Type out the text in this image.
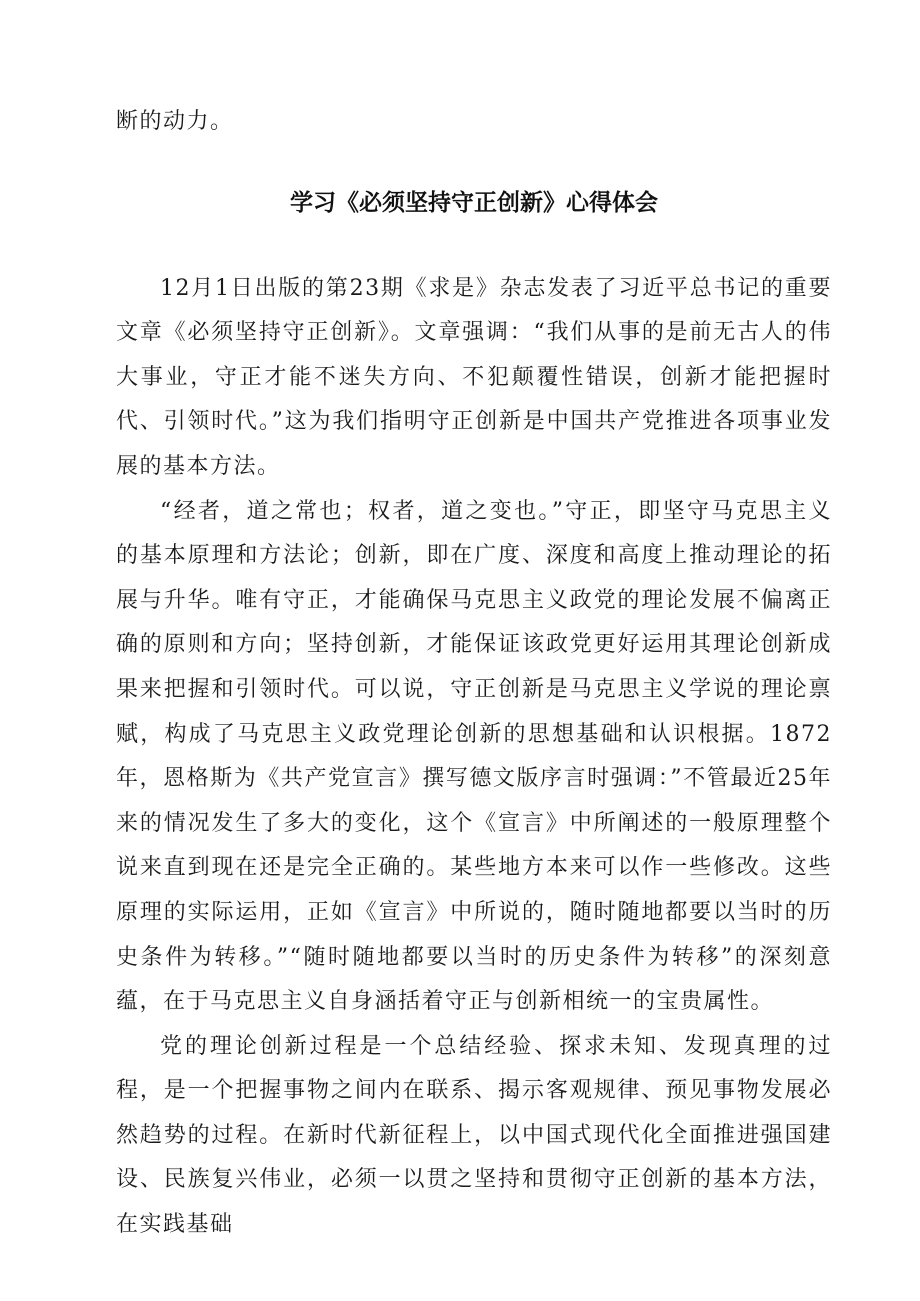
断的动力。

学习《必须坚持守正创新》心得体会

12月1日出版的第23期《求是》杂志发表了习近平总书记的重要文章《必须坚持守正创新》。文章强调：“我们从事的是前无古人的伟大事业，守正才能不迷失方向、不犯颠覆性错误，创新才能把握时代、引领时代。”这为我们指明守正创新是中国共产党推进各项事业发展的基本方法。

“经者，道之常也；权者，道之变也。”守正，即坚守马克思主义的基本原理和方法论；创新，即在广度、深度和高度上推动理论的拓展与升华。唯有守正，才能确保马克思主义政党的理论发展不偏离正确的原则和方向；坚持创新，才能保证该政党更好运用其理论创新成果来把握和引领时代。可以说，守正创新是马克思主义学说的理论禀赋，构成了马克思主义政党理论创新的思想基础和认识根据。1872年，恩格斯为《共产党宣言》撰写德文版序言时强调：”不管最近25年来的情况发生了多大的变化，这个《宣言》中所阐述的一般原理整个说来直到现在还是完全正确的。某些地方本来可以作一些修改。这些原理的实际运用，正如《宣言》中所说的，随时随地都要以当时的历史条件为转移。”“随时随地都要以当时的历史条件为转移”的深刻意蕴，在于马克思主义自身涵括着守正与创新相统一的宝贵属性。

党的理论创新过程是一个总结经验、探求未知、发现真理的过程，是一个把握事物之间内在联系、揭示客观规律、预见事物发展必然趋势的过程。在新时代新征程上，以中国式现代化全面推进强国建设、民族复兴伟业，必须一以贯之坚持和贯彻守正创新的基本方法，在实践基础
